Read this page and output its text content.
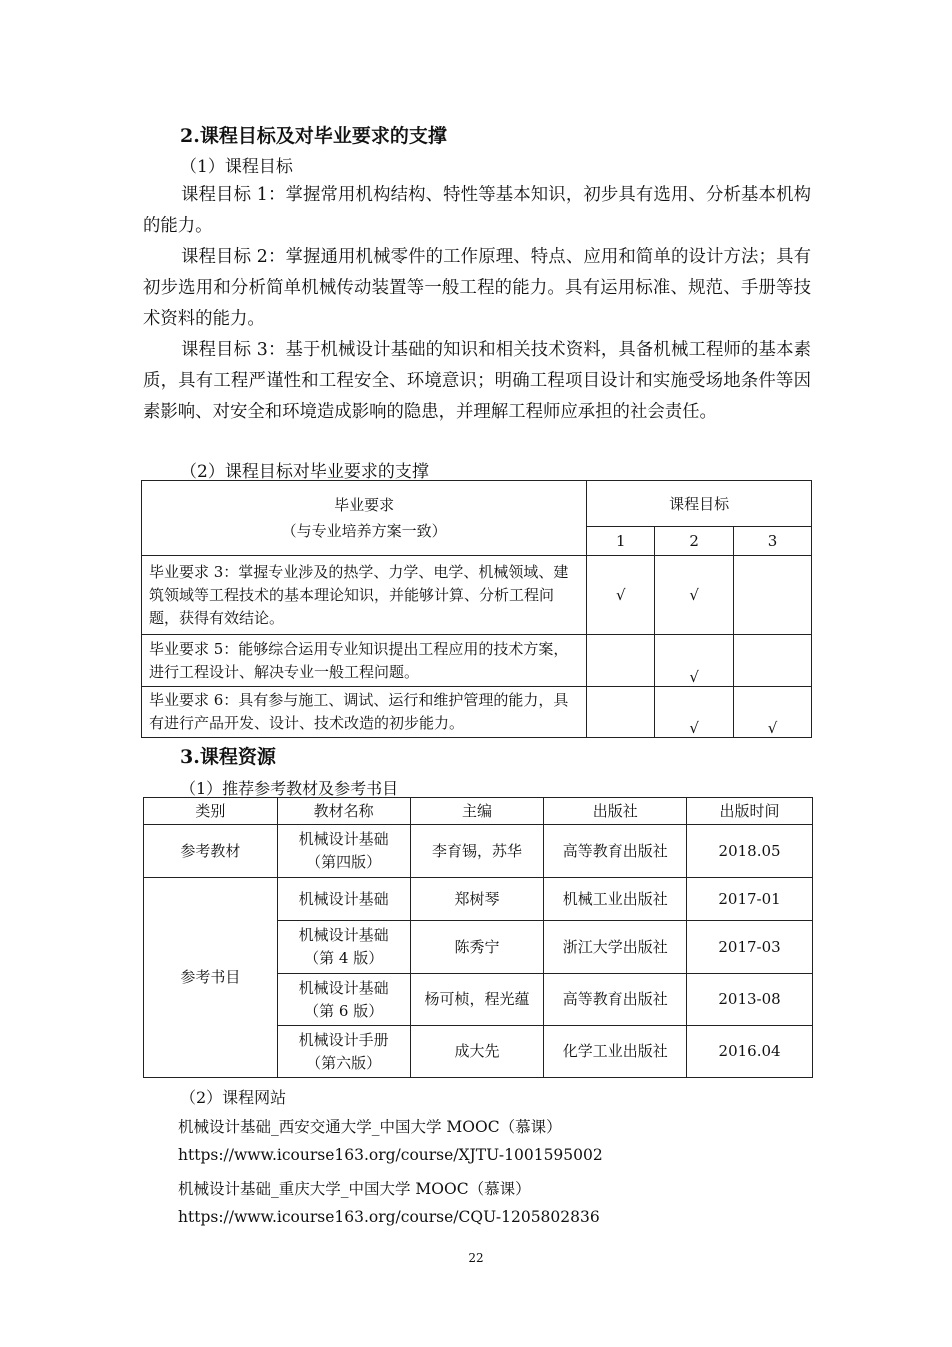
2.课程目标及对毕业要求的支撑
（1）课程目标

课程目标 1：掌握常用机构结构、特性等基本知识，初步具有选用、分析基本机构的能力。

课程目标 2：掌握通用机械零件的工作原理、特点、应用和简单的设计方法；具有初步选用和分析简单机械传动装置等一般工程的能力。具有运用标准、规范、手册等技术资料的能力。

课程目标 3：基于机械设计基础的知识和相关技术资料，具备机械工程师的基本素质，具有工程严谨性和工程安全、环境意识；明确工程项目设计和实施受场地条件等因素影响、对安全和环境造成影响的隐患，并理解工程师应承担的社会责任。

（2）课程目标对毕业要求的支撑
毕业要求
（与专业培养方案一致）	课程目标		
	1	2	3
毕业要求 3：掌握专业涉及的热学、力学、电学、机械领域、建筑领域等工程技术的基本理论知识，并能够计算、分析工程问题，获得有效结论。	√	√	
毕业要求 5：能够综合运用专业知识提出工程应用的技术方案，进行工程设计、解决专业一般工程问题。		√	
毕业要求 6：具有参与施工、调试、运行和维护管理的能力，具有进行产品开发、设计、技术改造的初步能力。		√	√
3.课程资源
（1）推荐参考教材及参考书目
类别	教材名称	主编	出版社	出版时间
参考教材	机械设计基础
（第四版）	李育锡，苏华	高等教育出版社	2018.05
参考书目	机械设计基础	郑树琴	机械工业出版社	2017-01

	机械设计基础
（第 4 版）	陈秀宁	浙江大学出版社	2017-03

	机械设计基础
（第 6 版）	杨可桢，程光蕴	高等教育出版社	2013-08

	机械设计手册
（第六版）	成大先	化学工业出版社	2016.04
（2）课程网站
机械设计基础_西安交通大学_中国大学 MOOC（慕课）
https://www.icourse163.org/course/XJTU-1001595002
机械设计基础_重庆大学_中国大学 MOOC（慕课）
https://www.icourse163.org/course/CQU-1205802836
22
